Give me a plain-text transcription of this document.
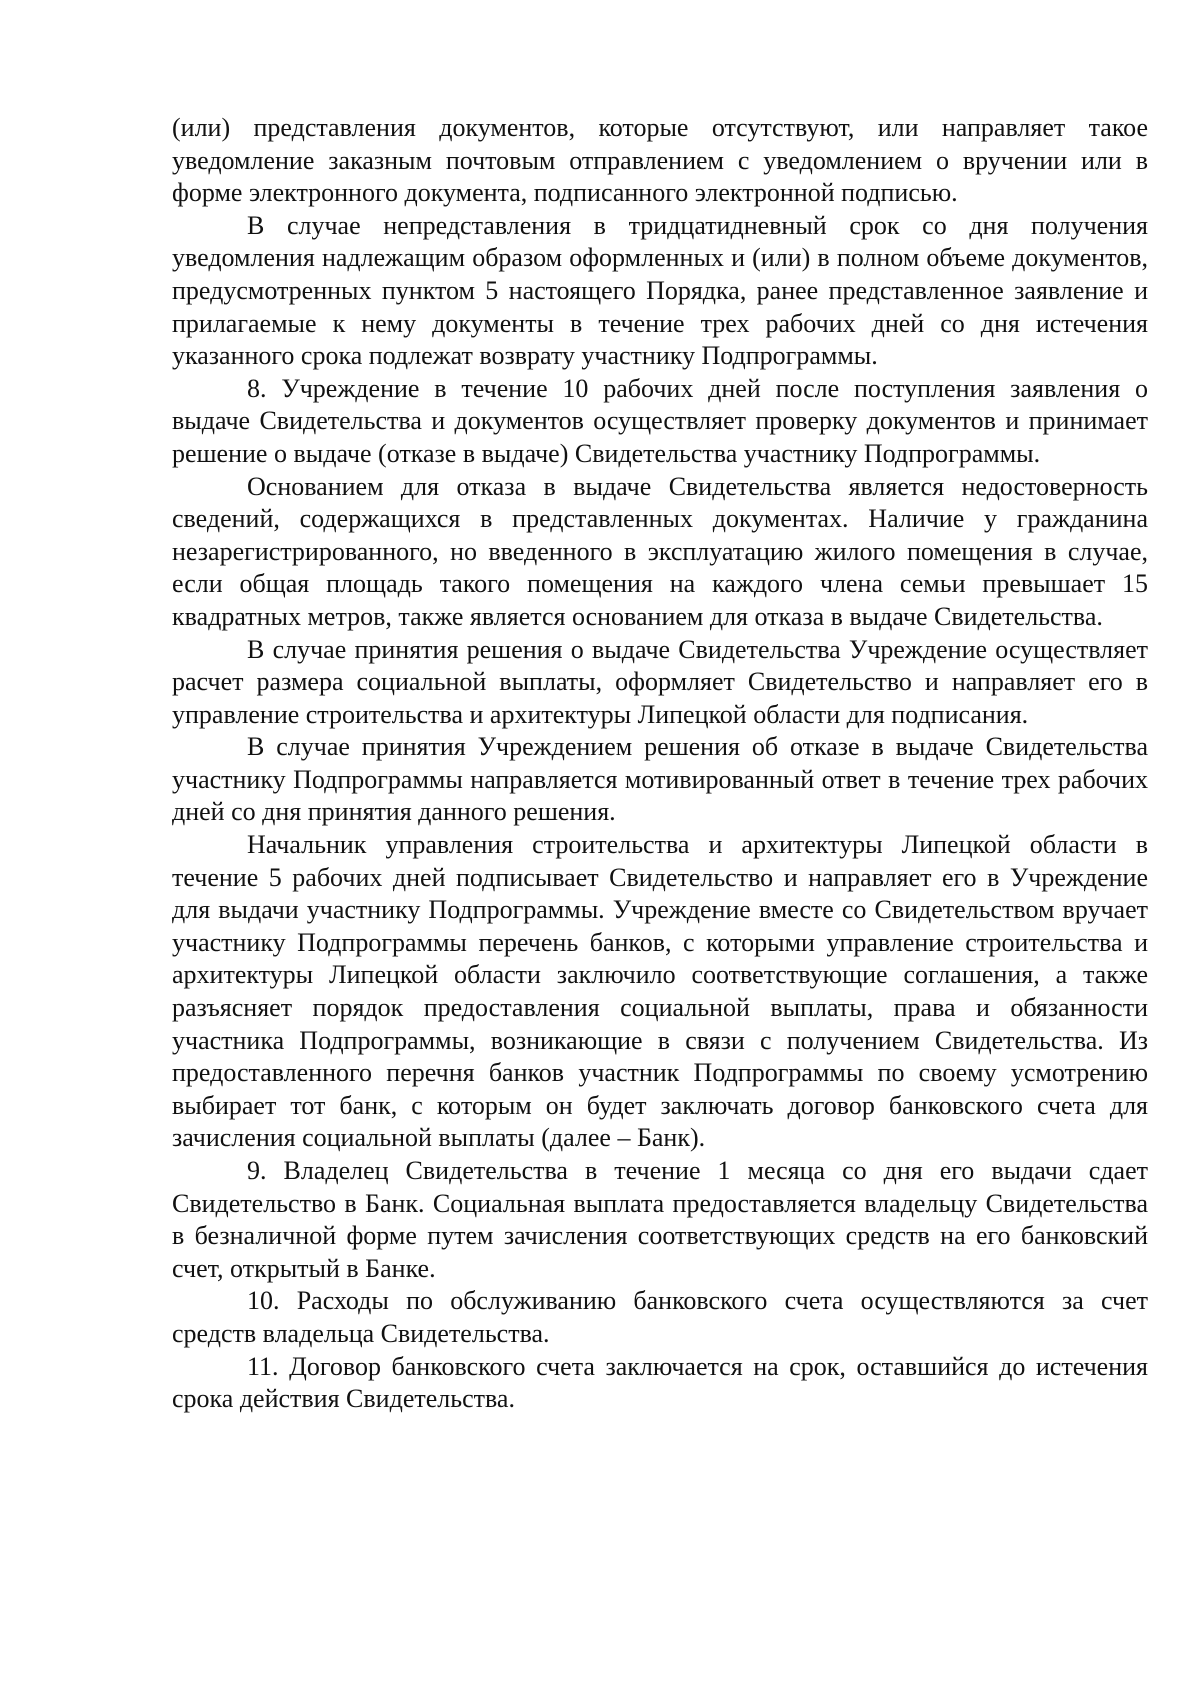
(или) представления документов, которые отсутствуют, или направляет такое уведомление заказным почтовым отправлением с уведомлением о вручении или в форме электронного документа, подписанного электронной подписью.

В случае непредставления в тридцатидневный срок со дня получения уведомления надлежащим образом оформленных и (или) в полном объеме документов, предусмотренных пунктом 5 настоящего Порядка, ранее представленное заявление и прилагаемые к нему документы в течение трех рабочих дней со дня истечения указанного срока подлежат возврату участнику Подпрограммы.

8. Учреждение в течение 10 рабочих дней после поступления заявления о выдаче Свидетельства и документов осуществляет проверку документов и принимает решение о выдаче (отказе в выдаче) Свидетельства участнику Подпрограммы.

Основанием для отказа в выдаче Свидетельства является недостоверность сведений, содержащихся в представленных документах. Наличие у гражданина незарегистрированного, но введенного в эксплуатацию жилого помещения в случае, если общая площадь такого помещения на каждого члена семьи превышает 15 квадратных метров, также является основанием для отказа в выдаче Свидетельства.

В случае принятия решения о выдаче Свидетельства Учреждение осуществляет расчет размера социальной выплаты, оформляет Свидетельство и направляет его в управление строительства и архитектуры Липецкой области для подписания.

В случае принятия Учреждением решения об отказе в выдаче Свидетельства участнику Подпрограммы направляется мотивированный ответ в течение трех рабочих дней со дня принятия данного решения.

Начальник управления строительства и архитектуры Липецкой области в течение 5 рабочих дней подписывает Свидетельство и направляет его в Учреждение для выдачи участнику Подпрограммы. Учреждение вместе со Свидетельством вручает участнику Подпрограммы перечень банков, с которыми управление строительства и архитектуры Липецкой области заключило соответствующие соглашения, а также разъясняет порядок предоставления социальной выплаты, права и обязанности участника Подпрограммы, возникающие в связи с получением Свидетельства. Из предоставленного перечня банков участник Подпрограммы по своему усмотрению выбирает тот банк, с которым он будет заключать договор банковского счета для зачисления социальной выплаты (далее – Банк).

9. Владелец Свидетельства в течение 1 месяца со дня его выдачи сдает Свидетельство в Банк. Социальная выплата предоставляется владельцу Свидетельства в безналичной форме путем зачисления соответствующих средств на его банковский счет, открытый в Банке.

10. Расходы по обслуживанию банковского счета осуществляются за счет средств владельца Свидетельства.

11. Договор банковского счета заключается на срок, оставшийся до истечения срока действия Свидетельства.
